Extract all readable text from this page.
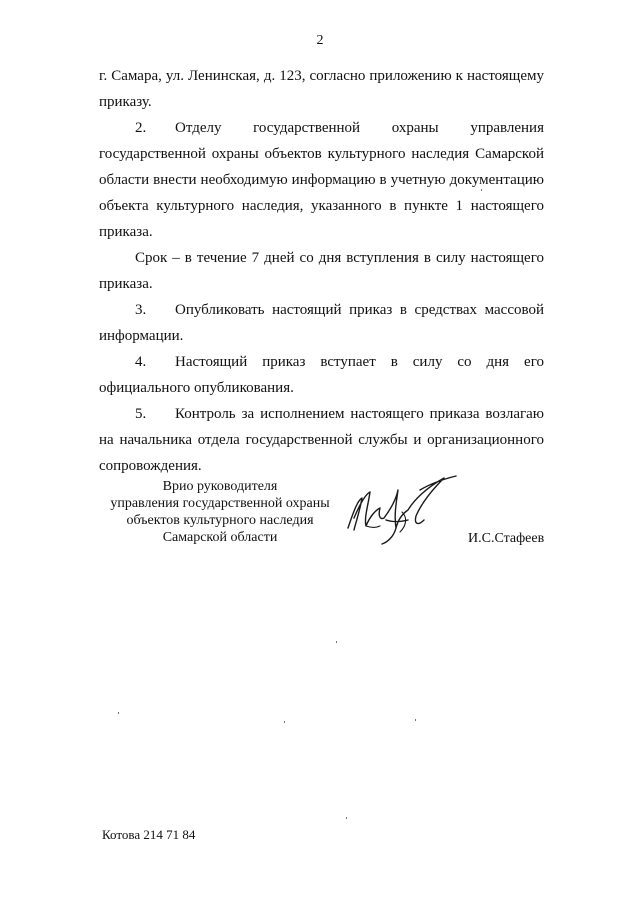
2

г. Самара, ул. Ленинская, д. 123, согласно приложению к настоящему приказу.

2. Отделу государственной охраны управления государственной охраны объектов культурного наследия Самарской области внести необходимую информацию в учетную документацию объекта культурного наследия, указанного в пункте 1 настоящего приказа.

Срок – в течение 7 дней со дня вступления в силу настоящего приказа.

3. Опубликовать настоящий приказ в средствах массовой информации.

4. Настоящий приказ вступает в силу со дня его официального опубликования.

5. Контроль за исполнением настоящего приказа возлагаю на начальника отдела государственной службы и организационного сопровождения.

Врио руководителя
управления государственной охраны
объектов культурного наследия
Самарской области	И.С.Стафеев
Котова 214 71 84
